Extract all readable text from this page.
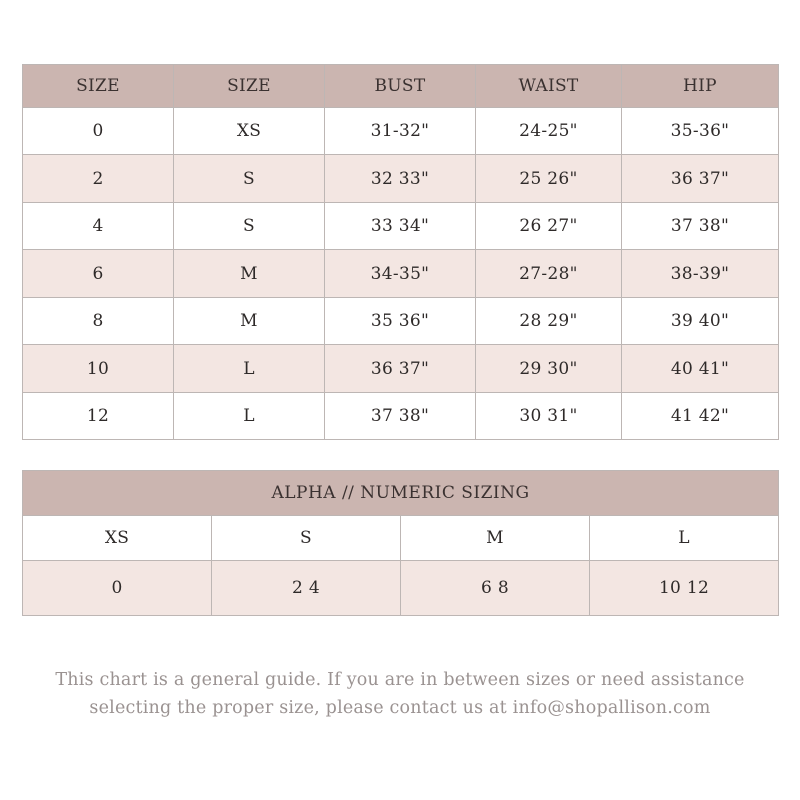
SIZE	SIZE	BUST	WAIST	HIP
0	XS	31-32"	24-25"	35-36"
2	S	32 33"	25 26"	36 37"
4	S	33 34"	26 27"	37 38"
6	M	34-35"	27-28"	38-39"
8	M	35 36"	28 29"	39 40"
10	L	36 37"	29 30"	40 41"
12	L	37 38"	30 31"	41 42"
ALPHA // NUMERIC SIZING			
XS	S	M	L
0	2 4	6 8	10 12
This chart is a general guide. If you are in between sizes or need assistance
selecting the proper size, please contact us at info@shopallison.com
